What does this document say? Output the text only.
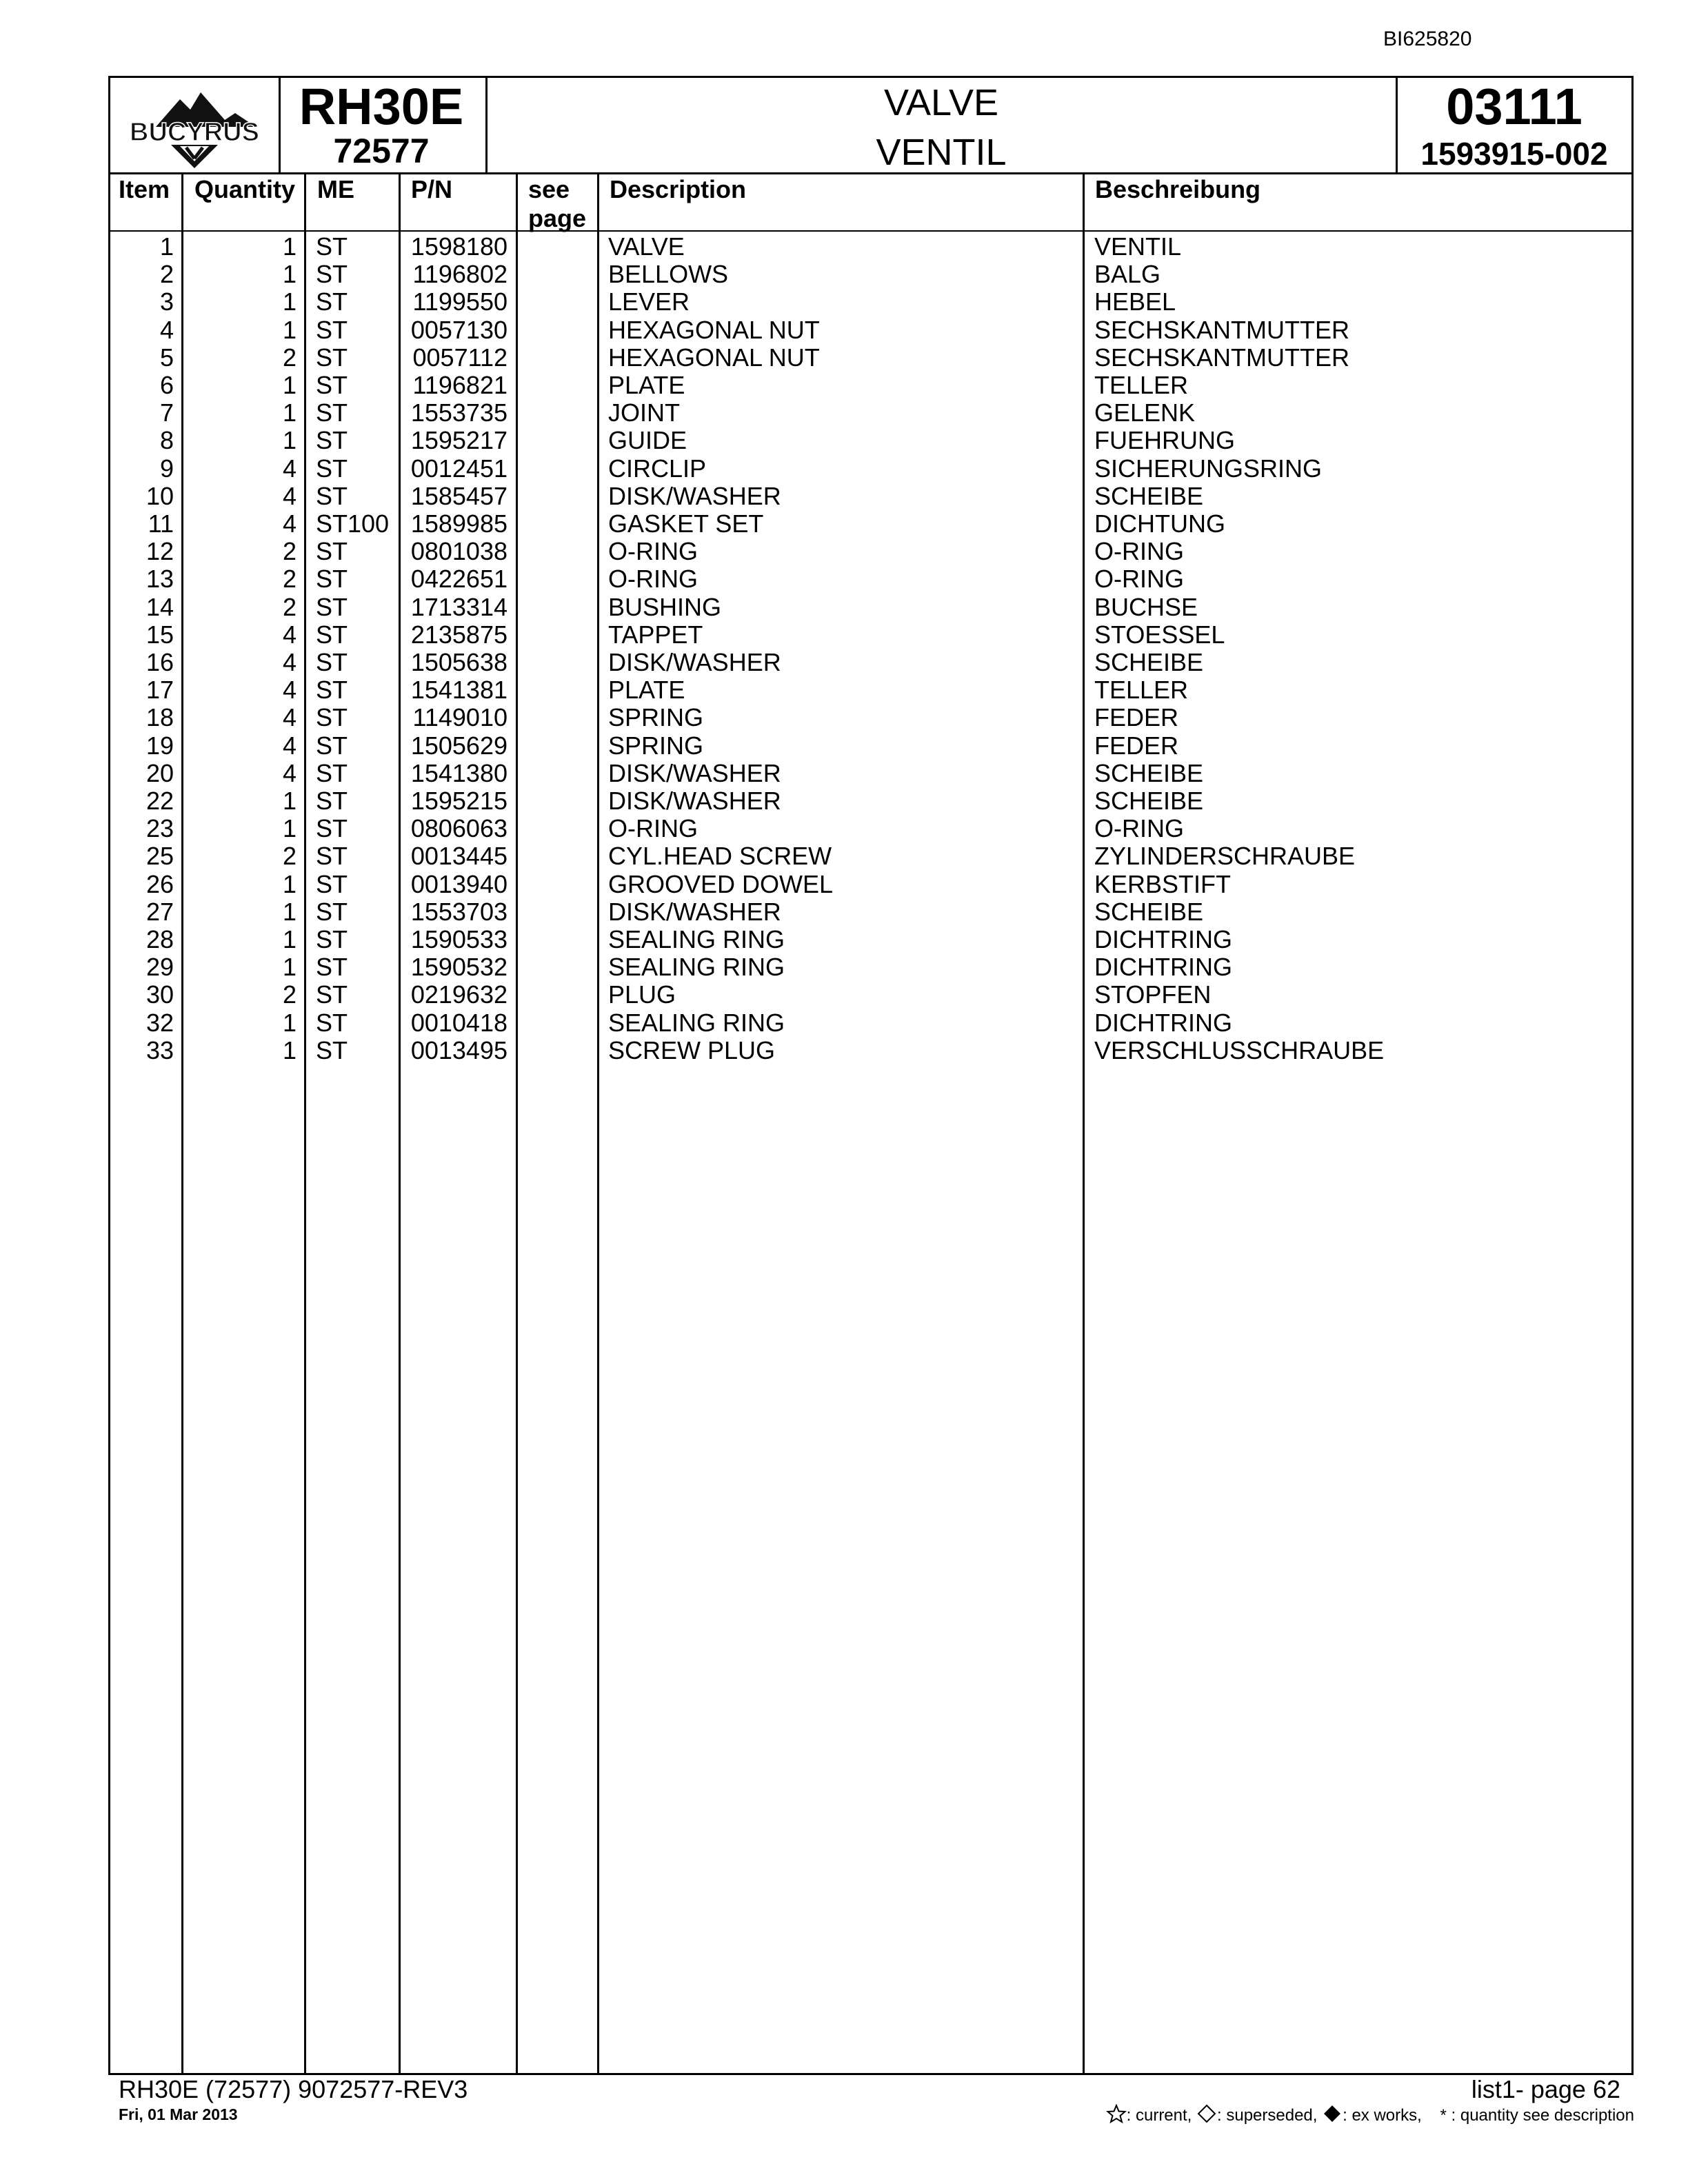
BI625820
BUCYRUS RH30E
72577
VALVE
VENTIL
03111
1593915-002
Item Quantity ME P/N	see
page
Description	Beschreibung
1	1 ST	1598180	VALVE	VENTIL
2	1 ST	1196802	BELLOWS	BALG
3	1 ST	1199550	LEVER	HEBEL
4	1 ST	0057130	HEXAGONAL NUT	SECHSKANTMUTTER
5	2 ST	0057112	HEXAGONAL NUT	SECHSKANTMUTTER
6	1 ST	1196821	PLATE	TELLER
7	1 ST	1553735	JOINT	GELENK
8	1 ST	1595217	GUIDE	FUEHRUNG
9	4 ST	0012451	CIRCLIP	SICHERUNGSRING
10	4 ST	1585457	DISK/WASHER	SCHEIBE
11	4 ST100 1589985	GASKET SET	DICHTUNG
12	2 ST	0801038	O-RING	O-RING
13	2 ST	0422651	O-RING	O-RING
14	2 ST	1713314	BUSHING	BUCHSE
15	4 ST	2135875	TAPPET	STOESSEL
16	4 ST	1505638	DISK/WASHER	SCHEIBE
17	4 ST	1541381	PLATE	TELLER
18	4 ST	1149010	SPRING	FEDER
19	4 ST	1505629	SPRING	FEDER
20	4 ST	1541380	DISK/WASHER	SCHEIBE
22	1 ST	1595215	DISK/WASHER	SCHEIBE
23	1 ST	0806063	O-RING	O-RING
25	2 ST	0013445	CYL.HEAD SCREW	ZYLINDERSCHRAUBE
26	1 ST	0013940	GROOVED DOWEL	KERBSTIFT
27	1 ST	1553703	DISK/WASHER	SCHEIBE
28	1 ST	1590533	SEALING RING	DICHTRING
29	1 ST	1590532	SEALING RING	DICHTRING
30	2 ST	0219632	PLUG	STOPFEN
32	1 ST	0010418	SEALING RING	DICHTRING
33	1 ST	0013495	SCREW PLUG	VERSCHLUSSCHRAUBE
RH30E (72577) 9072577-REV3
Fri, 01 Mar 2013
list1- page 62
: current, : superseded, : ex works, * : quantity see description
